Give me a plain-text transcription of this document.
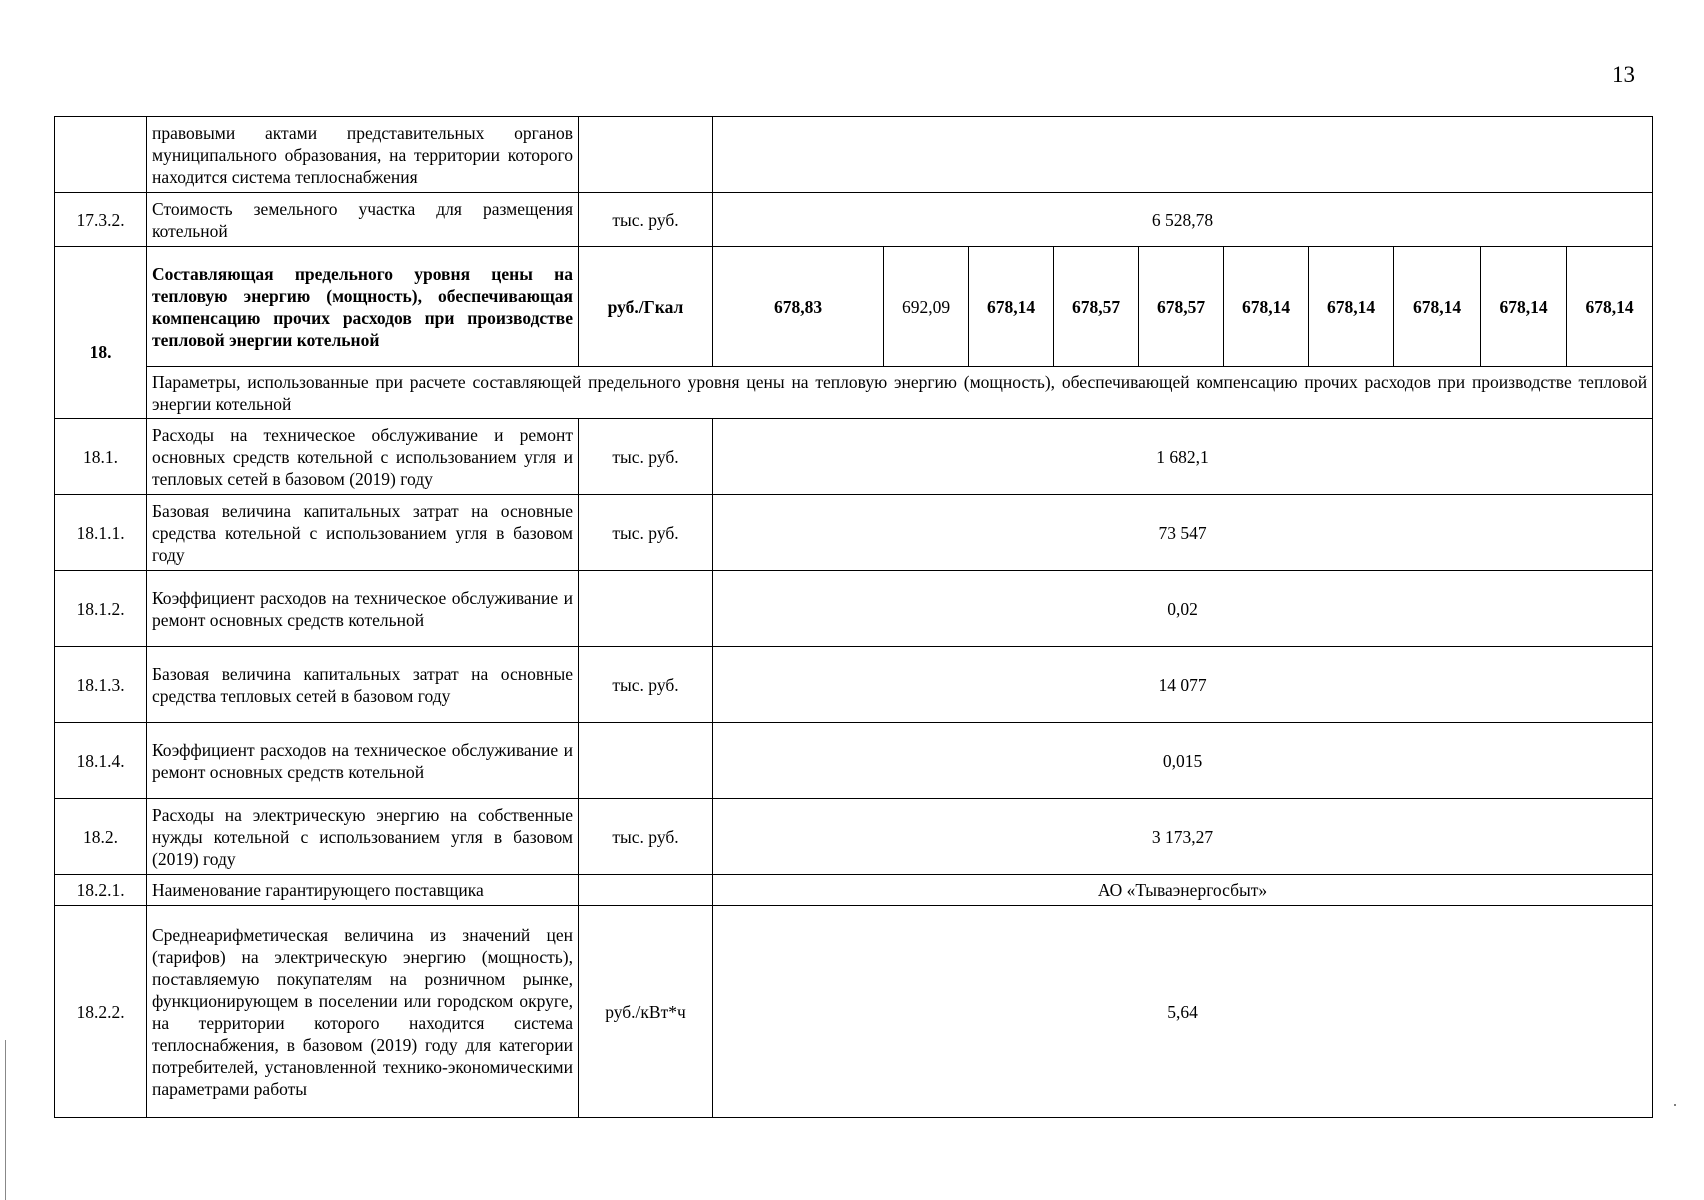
13
	правовыми актами представительных органов муниципального образования, на территории которого находится система теплоснабжения											
17.3.2.	Стоимость земельного участка для размещения котельной	тыс. руб.	6 528,78									
18.	Составляющая предельного уровня цены на тепловую энергию (мощность), обеспечивающая компенсацию прочих расходов при производстве тепловой энергии котельной	руб./Гкал	678,83	692,09	678,14	678,57	678,57	678,14	678,14	678,14	678,14	678,14
	Параметры, использованные при расчете составляющей предельного уровня цены на тепловую энергию (мощность), обеспечивающей компенсацию прочих расходов при производстве тепловой энергии котельной											
18.1.	Расходы на техническое обслуживание и ремонт основных средств котельной с использованием угля и тепловых сетей в базовом (2019) году	тыс. руб.	1 682,1									
18.1.1.	Базовая величина капитальных затрат на основные средства котельной с использованием угля в базовом году	тыс. руб.	73 547									
18.1.2.	Коэффициент расходов на техническое обслуживание и ремонт основных средств котельной		0,02									
18.1.3.	Базовая величина капитальных затрат на основные средства тепловых сетей в базовом году	тыс. руб.	14 077									
18.1.4.	Коэффициент расходов на техническое обслуживание и ремонт основных средств котельной		0,015									
18.2.	Расходы на электрическую энергию на собственные нужды котельной с использованием угля в базовом (2019) году	тыс. руб.	3 173,27									
18.2.1.	Наименование гарантирующего поставщика		АО «Тываэнергосбыт»									
18.2.2.	Среднеарифметическая величина из значений цен (тарифов) на электрическую энергию (мощность), поставляемую покупателям на розничном рынке, функционирующем в поселении или городском округе, на территории которого находится система теплоснабжения, в базовом (2019) году для категории потребителей, установленной технико-экономическими параметрами работы	руб./кВт*ч	5,64									
